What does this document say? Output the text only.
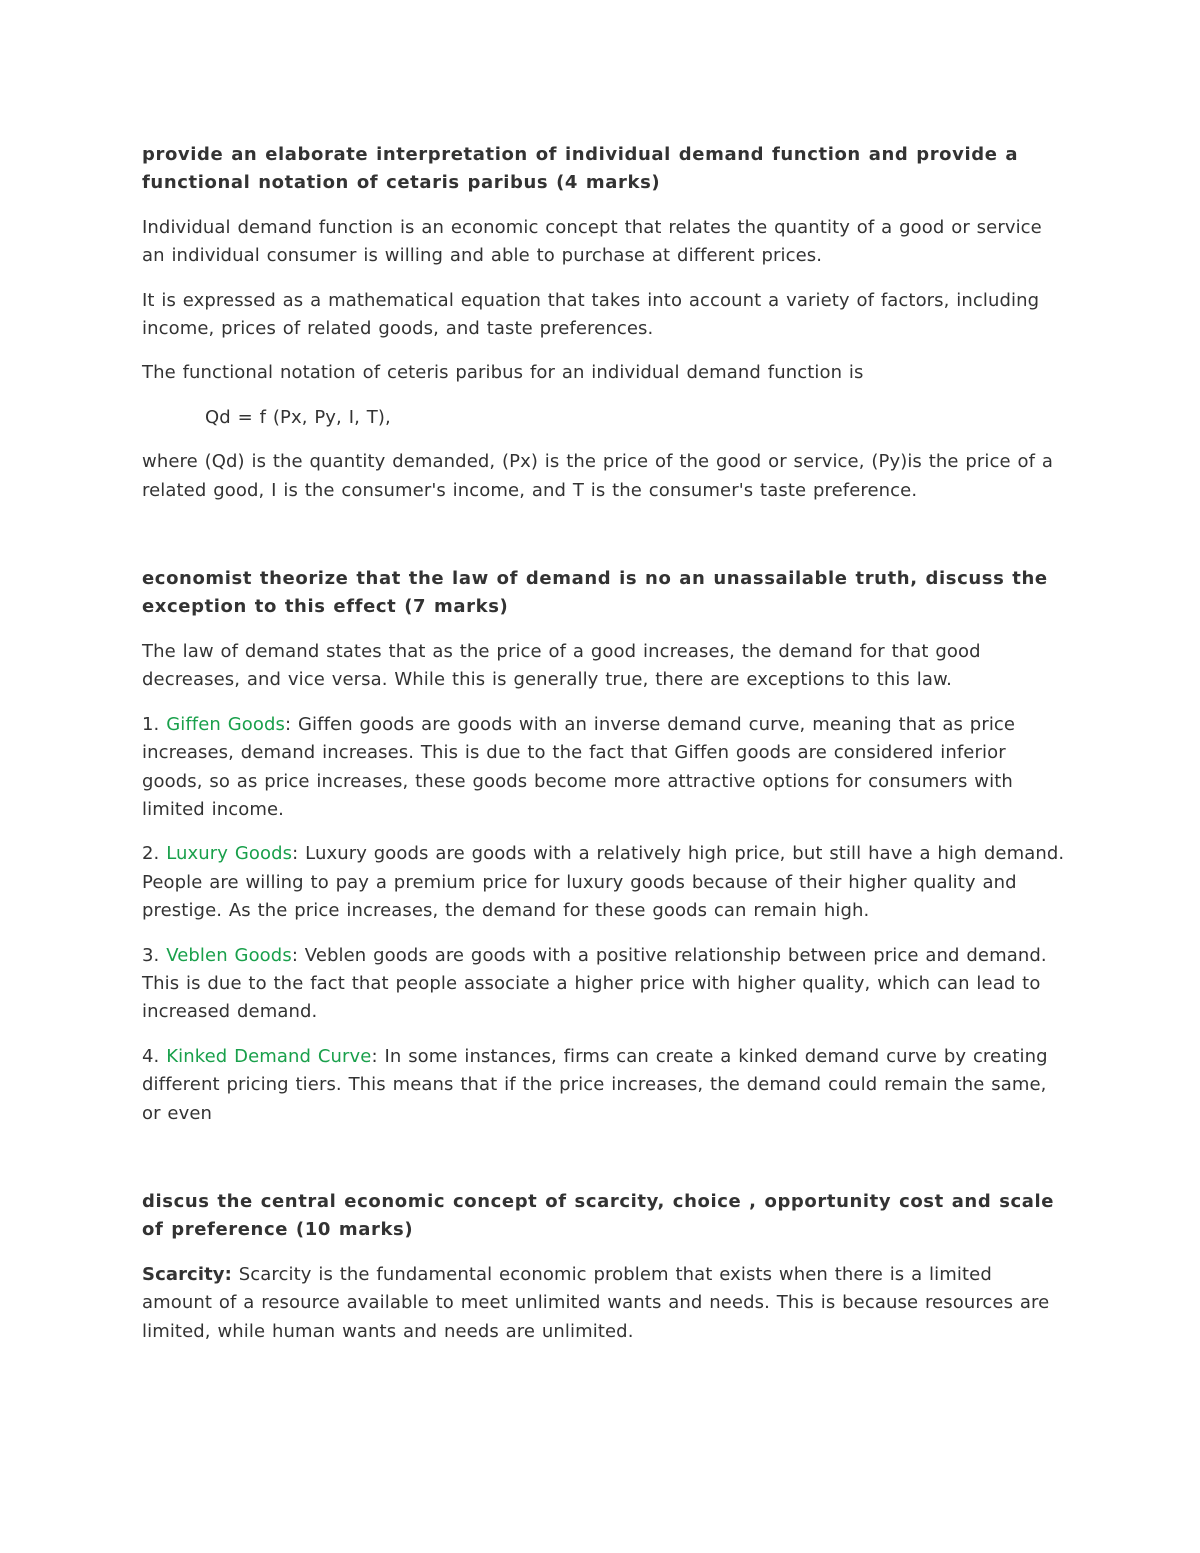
provide an elaborate interpretation of individual demand function and provide a functional notation of cetaris paribus (4 marks)

Individual demand function is an economic concept that relates the quantity of a good or service an individual consumer is willing and able to purchase at different prices.

It is expressed as a mathematical equation that takes into account a variety of factors, including income, prices of related goods, and taste preferences.

The functional notation of ceteris paribus for an individual demand function is

Qd = f (Px, Py, I, T),

where (Qd) is the quantity demanded, (Px) is the price of the good or service, (Py)is the price of a related good, I is the consumer's income, and T is the consumer's taste preference.

economist theorize that the law of demand is no an unassailable truth, discuss the exception to this effect (7 marks)

The law of demand states that as the price of a good increases, the demand for that good decreases, and vice versa. While this is generally true, there are exceptions to this law.

1. Giffen Goods: Giffen goods are goods with an inverse demand curve, meaning that as price increases, demand increases. This is due to the fact that Giffen goods are considered inferior goods, so as price increases, these goods become more attractive options for consumers with limited income.

2. Luxury Goods: Luxury goods are goods with a relatively high price, but still have a high demand. People are willing to pay a premium price for luxury goods because of their higher quality and prestige. As the price increases, the demand for these goods can remain high.

3. Veblen Goods: Veblen goods are goods with a positive relationship between price and demand. This is due to the fact that people associate a higher price with higher quality, which can lead to increased demand.

4. Kinked Demand Curve: In some instances, firms can create a kinked demand curve by creating different pricing tiers. This means that if the price increases, the demand could remain the same, or even

discus the central economic concept of scarcity, choice , opportunity cost and scale of preference (10 marks)

Scarcity: Scarcity is the fundamental economic problem that exists when there is a limited amount of a resource available to meet unlimited wants and needs. This is because resources are limited, while human wants and needs are unlimited.
